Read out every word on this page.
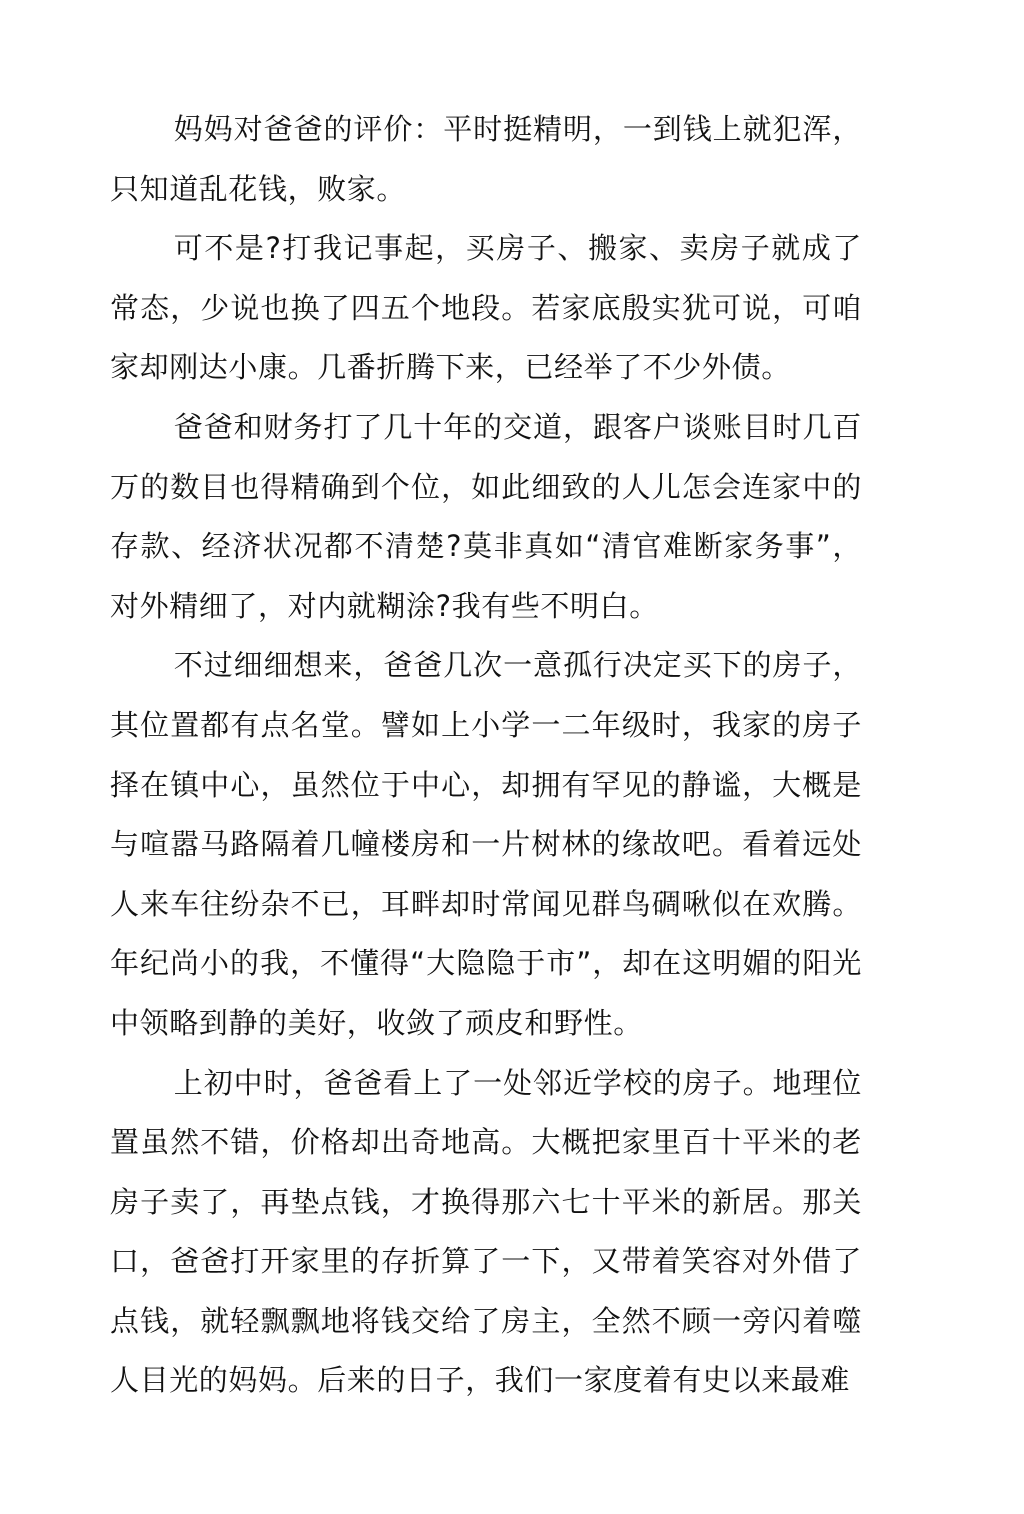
妈妈对爸爸的评价：平时挺精明，一到钱上就犯浑，只知道乱花钱，败家。

可不是?打我记事起，买房子、搬家、卖房子就成了常态，少说也换了四五个地段。若家底殷实犹可说，可咱家却刚达小康。几番折腾下来，已经举了不少外债。

爸爸和财务打了几十年的交道，跟客户谈账目时几百万的数目也得精确到个位，如此细致的人儿怎会连家中的存款、经济状况都不清楚?莫非真如“清官难断家务事”，对外精细了，对内就糊涂?我有些不明白。

不过细细想来，爸爸几次一意孤行决定买下的房子，其位置都有点名堂。譬如上小学一二年级时，我家的房子择在镇中心，虽然位于中心，却拥有罕见的静谧，大概是与喧嚣马路隔着几幢楼房和一片树林的缘故吧。看着远处人来车往纷杂不已，耳畔却时常闻见群鸟碉啾似在欢腾。年纪尚小的我，不懂得“大隐隐于市”，却在这明媚的阳光中领略到静的美好，收敛了顽皮和野性。

上初中时，爸爸看上了一处邻近学校的房子。地理位置虽然不错，价格却出奇地高。大概把家里百十平米的老房子卖了，再垫点钱，才换得那六七十平米的新居。那关口，爸爸打开家里的存折算了一下，又带着笑容对外借了点钱，就轻飘飘地将钱交给了房主，全然不顾一旁闪着噬人目光的妈妈。后来的日子，我们一家度着有史以来最难
